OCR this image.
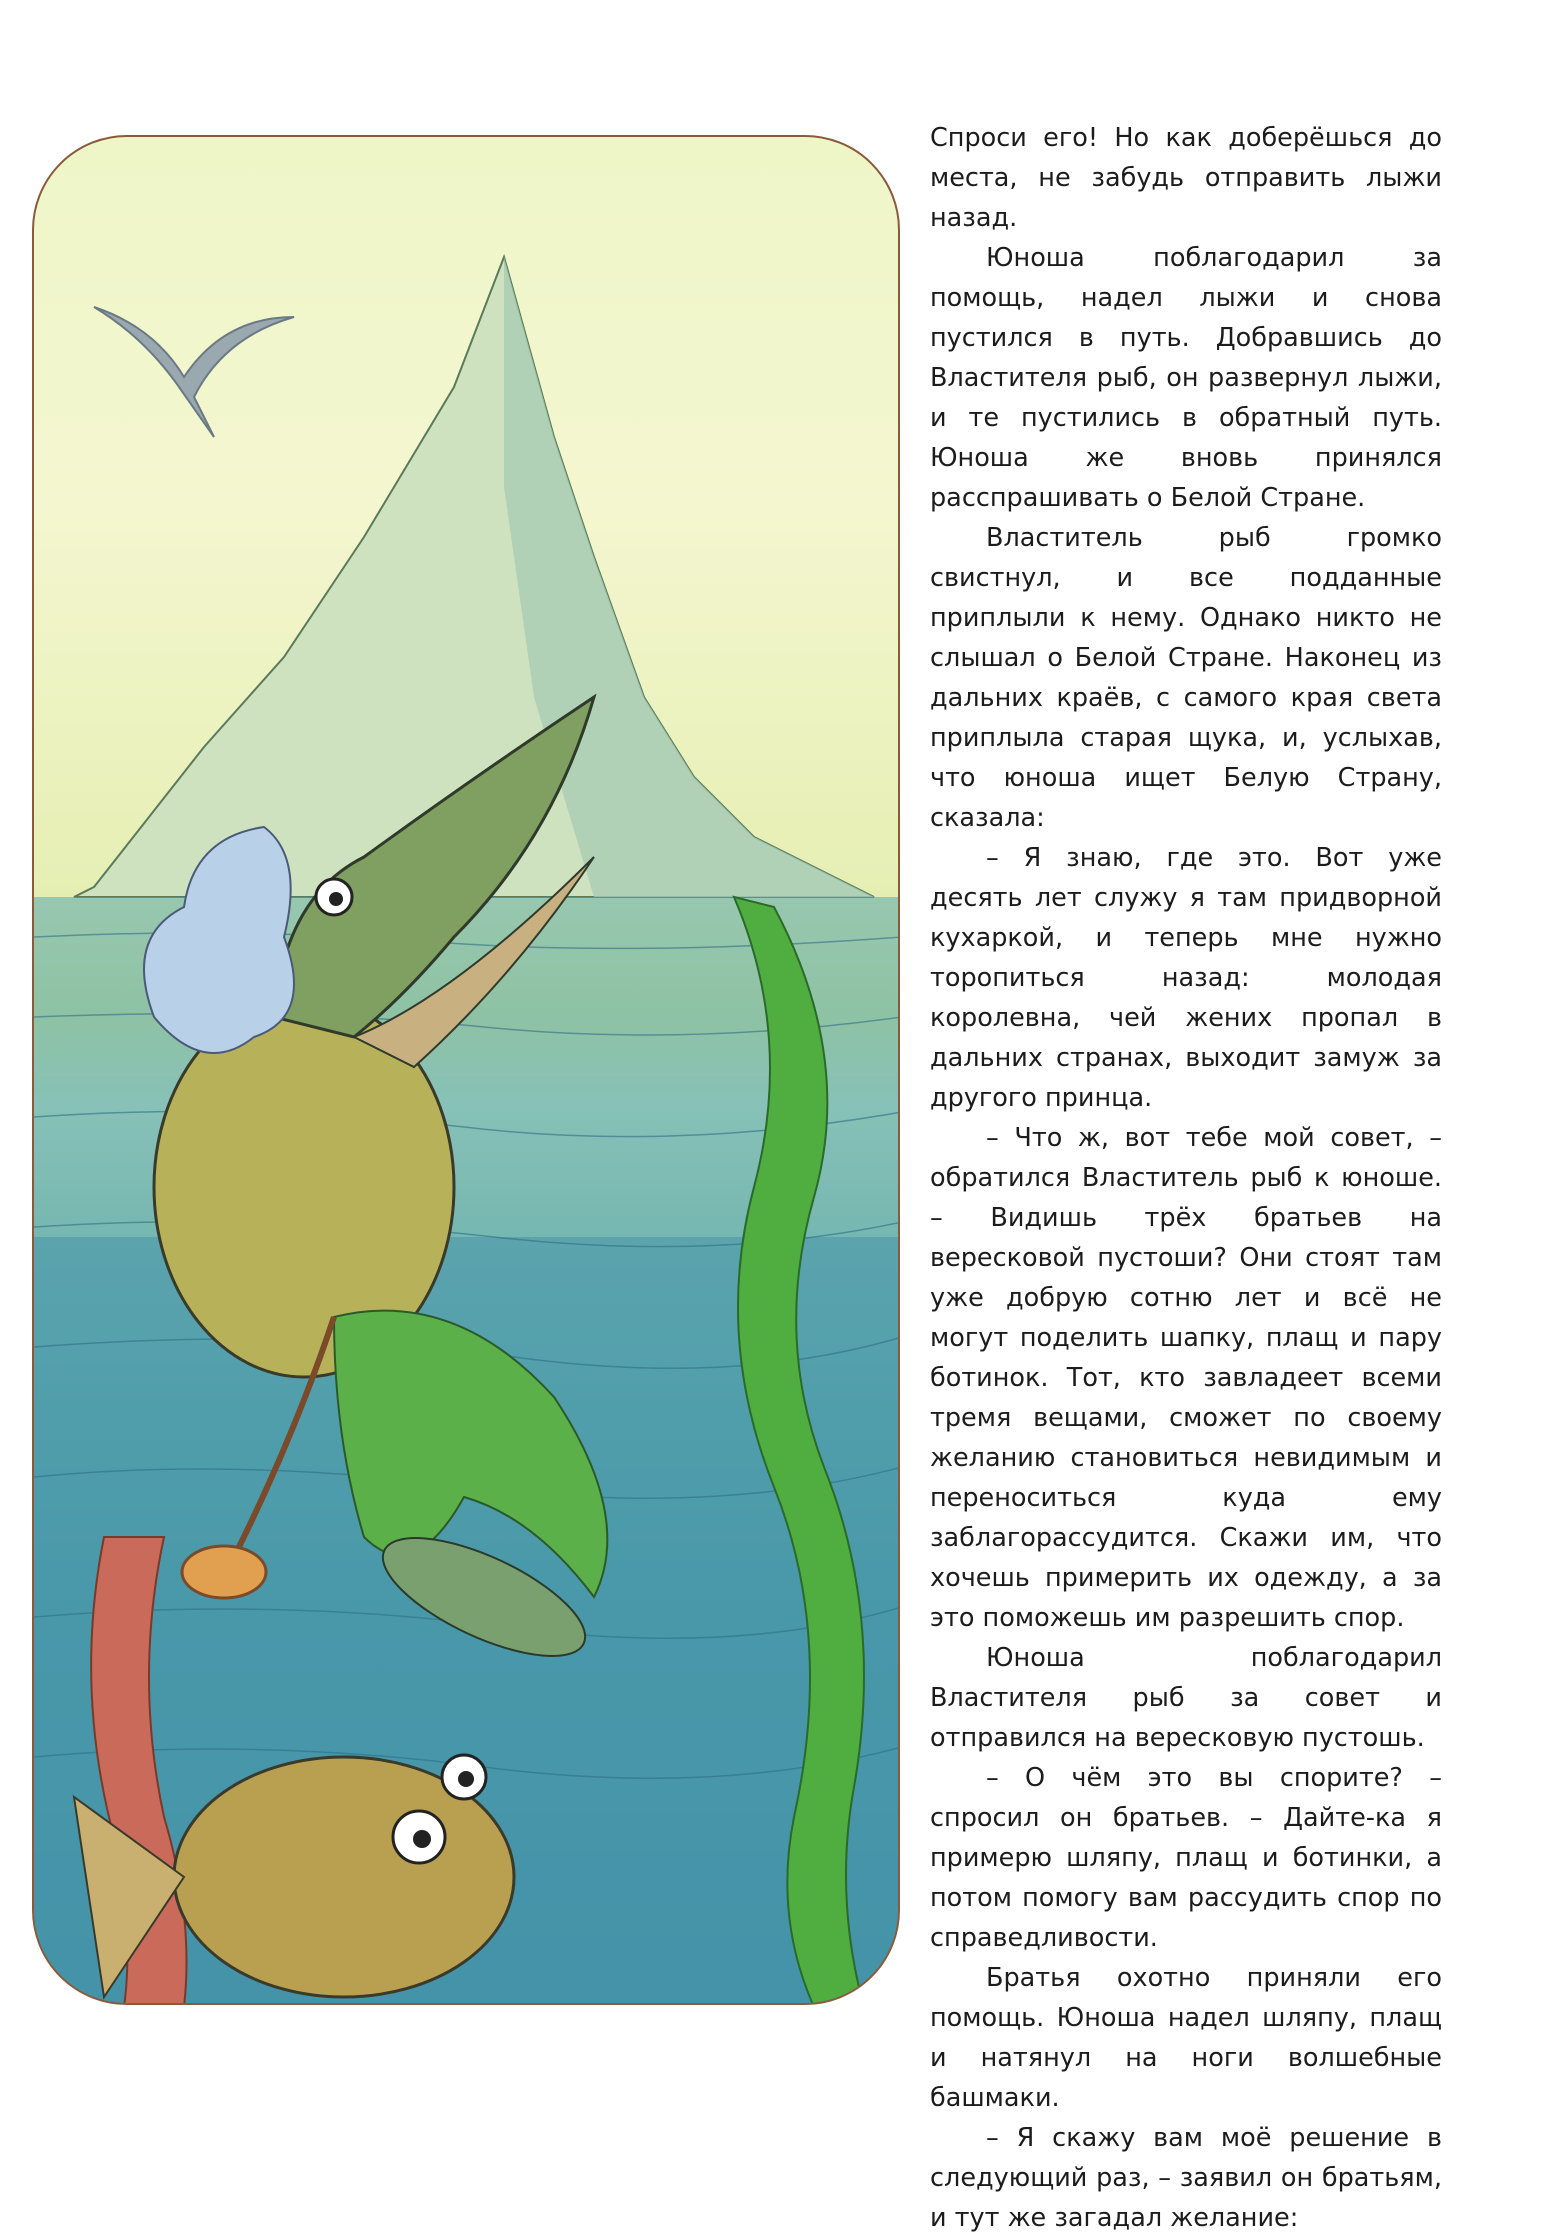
Спроси его! Но как доберёшься до места, не забудь отправить лыжи назад.

Юноша поблагодарил за помощь, надел лыжи и снова пустился в путь. Добравшись до Властителя рыб, он развернул лыжи, и те пустились в обратный путь. Юноша же вновь принялся расспрашивать о Белой Стране.

Властитель рыб громко свистнул, и все подданные приплыли к нему. Однако никто не слышал о Белой Стране. Наконец из дальних краёв, с самого края света приплыла старая щука, и, услыхав, что юноша ищет Белую Страну, сказала:

– Я знаю, где это. Вот уже десять лет служу я там придворной кухаркой, и теперь мне нужно торопиться назад: молодая королевна, чей жених пропал в дальних странах, выходит замуж за другого принца.

– Что ж, вот тебе мой совет, – обратился Властитель рыб к юноше. – Видишь трёх братьев на вересковой пустоши? Они стоят там уже добрую сотню лет и всё не могут поделить шапку, плащ и пару ботинок. Тот, кто завладеет всеми тремя вещами, сможет по своему желанию становиться невидимым и переноситься куда ему заблагорассудится. Скажи им, что хочешь примерить их одежду, а за это поможешь им разрешить спор.

Юноша поблагодарил Властителя рыб за совет и отправился на вересковую пустошь.

– О чём это вы спорите? – спросил он братьев. – Дайте-ка я примерю шляпу, плащ и ботинки, а потом помогу вам рассудить спор по справедливости.

Братья охотно приняли его помощь. Юноша надел шляпу, плащ и натянул на ноги волшебные башмаки.

– Я скажу вам моё решение в следующий раз, – заявил он братьям, и тут же загадал желание:
